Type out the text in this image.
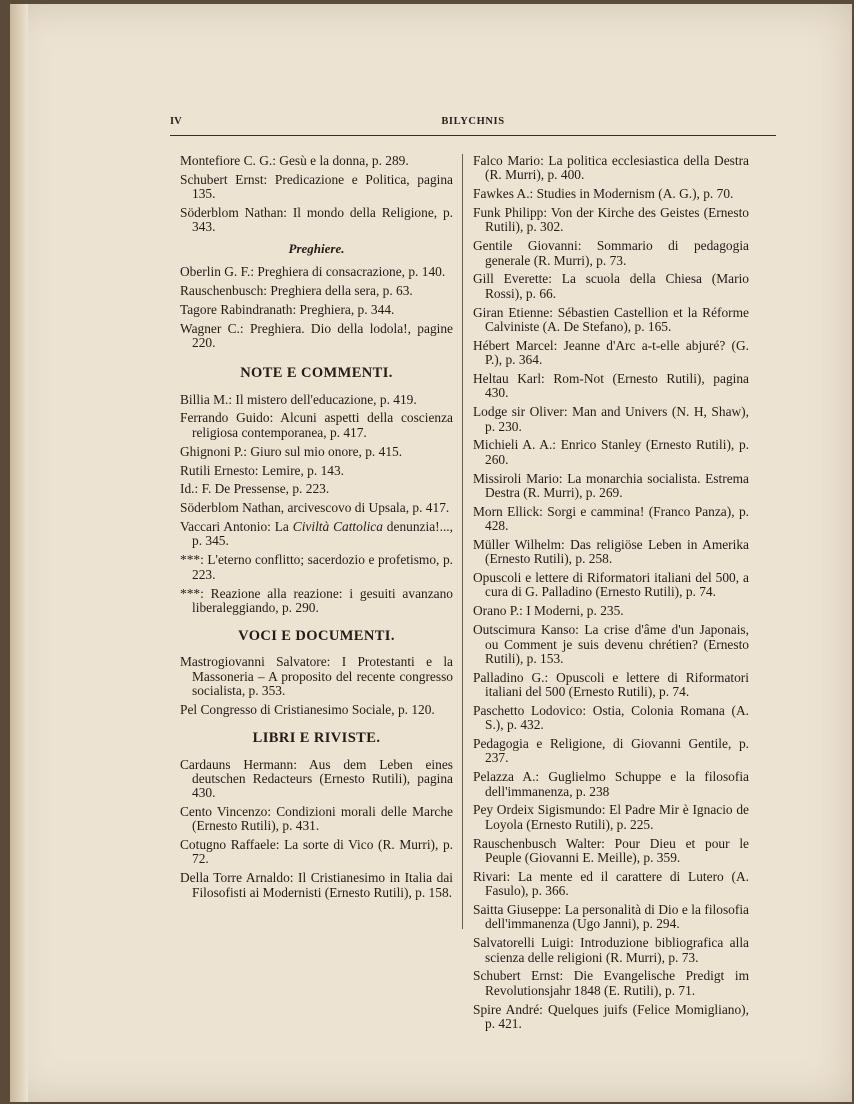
IV	BILYCHNIS
Montefiore C. G.: Gesù e la donna, p. 289.
Schubert Ernst: Predicazione e Politica, pagina 135.
Söderblom Nathan: Il mondo della Religione, p. 343.
Preghiere.
Oberlin G. F.: Preghiera di consacrazione, p. 140.
Rauschenbusch: Preghiera della sera, p. 63.
Tagore Rabindranath: Preghiera, p. 344.
Wagner C.: Preghiera. Dio della lodola!, pagine 220.
NOTE E COMMENTI.
Billia M.: Il mistero dell'educazione, p. 419.
Ferrando Guido: Alcuni aspetti della coscienza religiosa contemporanea, p. 417.
Ghignoni P.: Giuro sul mio onore, p. 415.
Rutili Ernesto: Lemire, p. 143.
Id.: F. De Pressense, p. 223.
Söderblom Nathan, arcivescovo di Upsala, p. 417.
Vaccari Antonio: La Civiltà Cattolica denunzia!..., p. 345.
***: L'eterno conflitto; sacerdozio e profetismo, p. 223.
***: Reazione alla reazione: i gesuiti avanzano liberaleggiando, p. 290.
VOCI E DOCUMENTI.
Mastrogiovanni Salvatore: I Protestanti e la Massoneria – A proposito del recente congresso socialista, p. 353.
Pel Congresso di Cristianesimo Sociale, p. 120.
LIBRI E RIVISTE.
Cardauns Hermann: Aus dem Leben eines deutschen Redacteurs (Ernesto Rutili), pagina 430.
Cento Vincenzo: Condizioni morali delle Marche (Ernesto Rutili), p. 431.
Cotugno Raffaele: La sorte di Vico (R. Murri), p. 72.
Della Torre Arnaldo: Il Cristianesimo in Italia dai Filosofisti ai Modernisti (Ernesto Rutili), p. 158.
Falco Mario: La politica ecclesiastica della Destra (R. Murri), p. 400.
Fawkes A.: Studies in Modernism (A. G.), p. 70.
Funk Philipp: Von der Kirche des Geistes (Ernesto Rutili), p. 302.
Gentile Giovanni: Sommario di pedagogia generale (R. Murri), p. 73.
Gill Everette: La scuola della Chiesa (Mario Rossi), p. 66.
Giran Etienne: Sébastien Castellion et la Réforme Calviniste (A. De Stefano), p. 165.
Hébert Marcel: Jeanne d'Arc a-t-elle abjuré? (G. P.), p. 364.
Heltau Karl: Rom-Not (Ernesto Rutili), pagina 430.
Lodge sir Oliver: Man and Univers (N. H, Shaw), p. 230.
Michieli A. A.: Enrico Stanley (Ernesto Rutili), p. 260.
Missiroli Mario: La monarchia socialista. Estrema Destra (R. Murri), p. 269.
Morn Ellick: Sorgi e cammina! (Franco Panza), p. 428.
Müller Wilhelm: Das religiöse Leben in Amerika (Ernesto Rutili), p. 258.
Opuscoli e lettere di Riformatori italiani del 500, a cura di G. Palladino (Ernesto Rutili), p. 74.
Orano P.: I Moderni, p. 235.
Outscimura Kanso: La crise d'âme d'un Japonais, ou Comment je suis devenu chrétien? (Ernesto Rutili), p. 153.
Palladino G.: Opuscoli e lettere di Riformatori italiani del 500 (Ernesto Rutili), p. 74.
Paschetto Lodovico: Ostia, Colonia Romana (A. S.), p. 432.
Pedagogia e Religione, di Giovanni Gentile, p. 237.
Pelazza A.: Guglielmo Schuppe e la filosofia dell'immanenza, p. 238
Pey Ordeix Sigismundo: El Padre Mir è Ignacio de Loyola (Ernesto Rutili), p. 225.
Rauschenbusch Walter: Pour Dieu et pour le Peuple (Giovanni E. Meille), p. 359.
Rivari: La mente ed il carattere di Lutero (A. Fasulo), p. 366.
Saitta Giuseppe: La personalità di Dio e la filosofia dell'immanenza (Ugo Janni), p. 294.
Salvatorelli Luigi: Introduzione bibliografica alla scienza delle religioni (R. Murri), p. 73.
Schubert Ernst: Die Evangelische Predigt im Revolutionsjahr 1848 (E. Rutili), p. 71.
Spire André: Quelques juifs (Felice Momigliano), p. 421.
